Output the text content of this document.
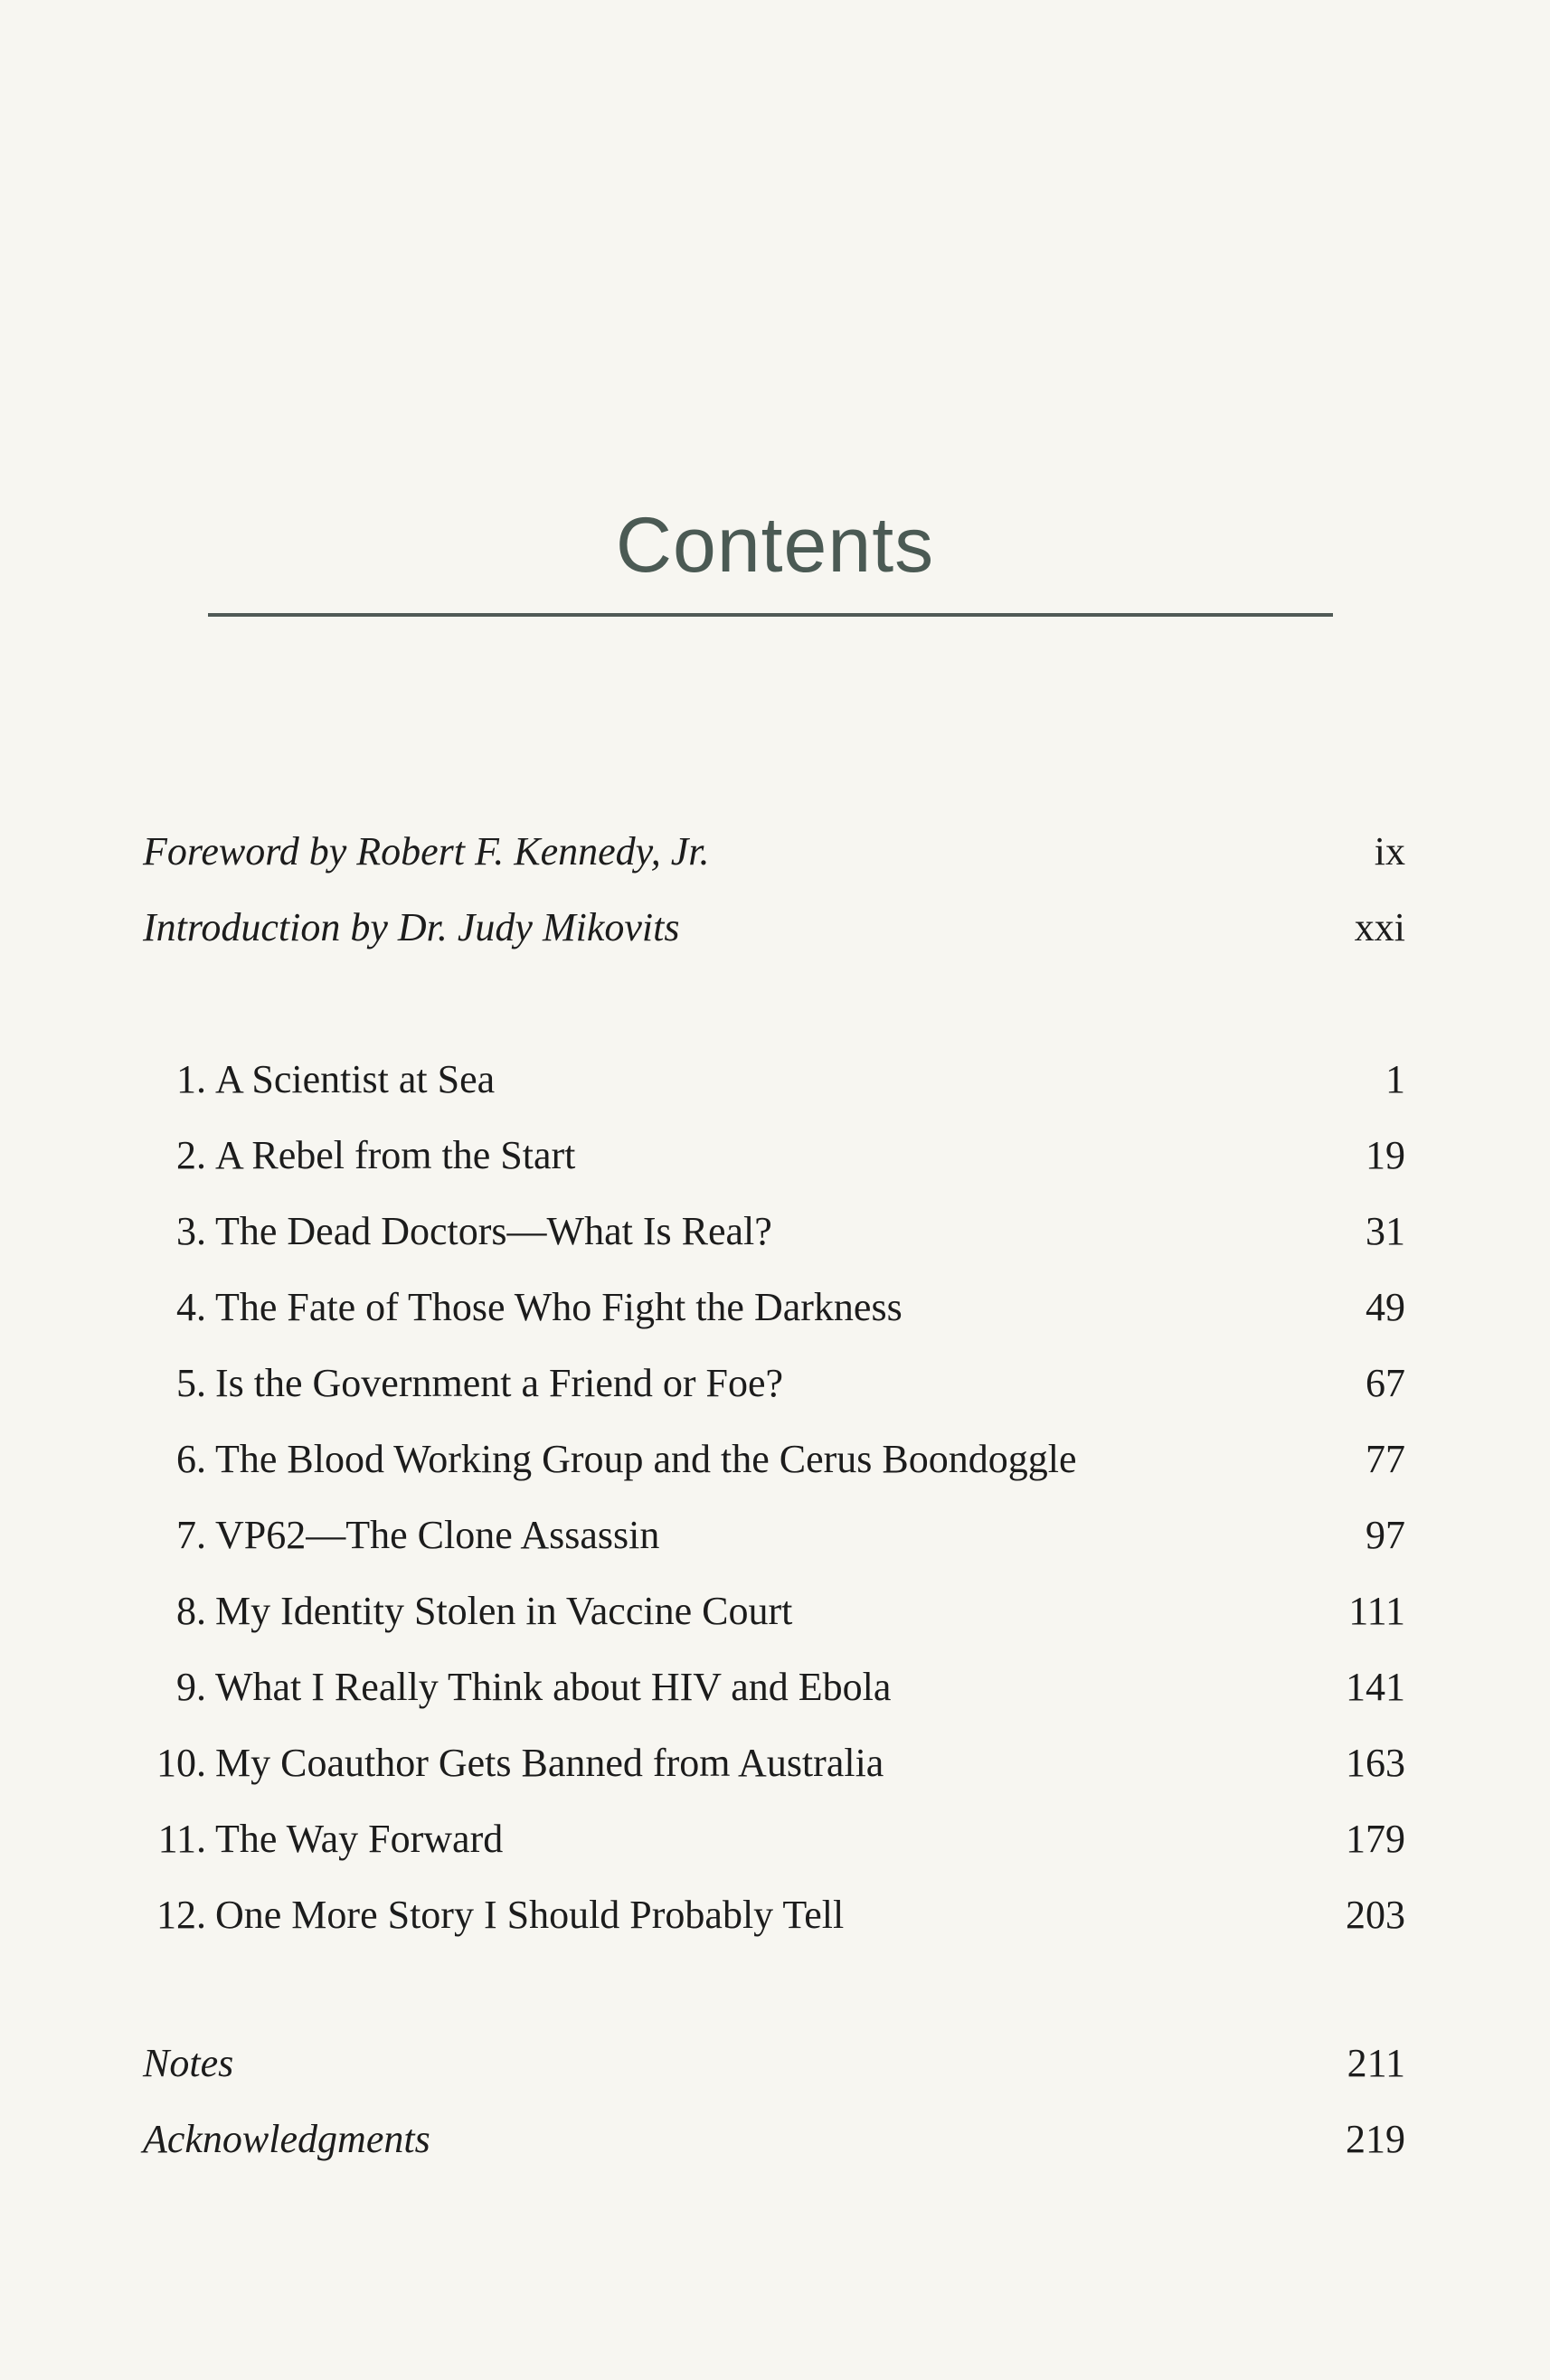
Contents
Foreword by Robert F. Kennedy, Jr.	ix
Introduction by Dr. Judy Mikovits	xxi
1. A Scientist at Sea	1
2. A Rebel from the Start	19
3. The Dead Doctors—What Is Real?	31
4. The Fate of Those Who Fight the Darkness	49
5. Is the Government a Friend or Foe?	67
6. The Blood Working Group and the Cerus Boondoggle	77
7. VP62—The Clone Assassin	97
8. My Identity Stolen in Vaccine Court	111
9. What I Really Think about HIV and Ebola	141
10. My Coauthor Gets Banned from Australia	163
11. The Way Forward	179
12. One More Story I Should Probably Tell	203
Notes	211
Acknowledgments	219
